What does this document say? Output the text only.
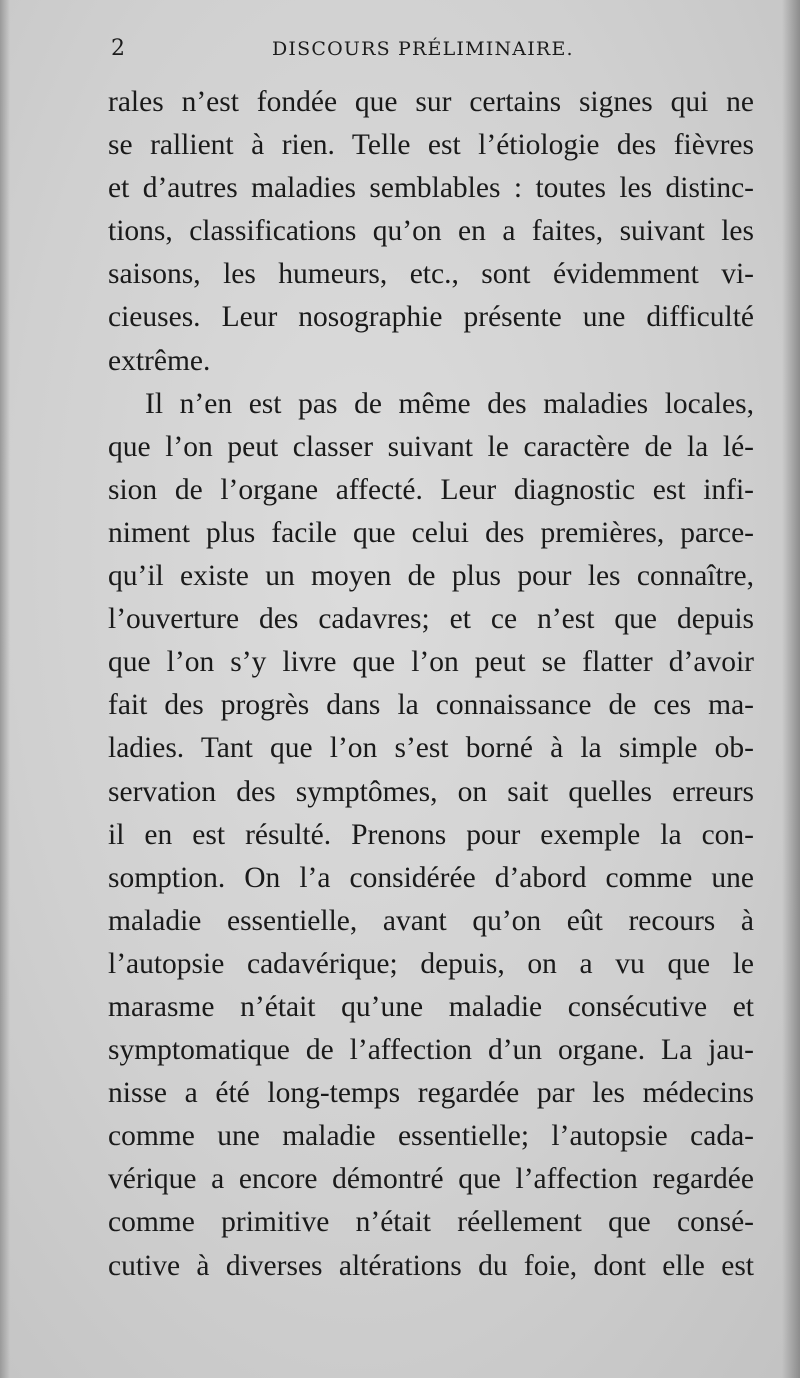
2	DISCOURS PRÉLIMINAIRE.
rales n’est fondée que sur certains signes qui ne
se rallient à rien. Telle est l’étiologie des fièvres
et d’autres maladies semblables : toutes les distinc-
tions, classifications qu’on en a faites, suivant les
saisons, les humeurs, etc., sont évidemment vi-
cieuses. Leur nosographie présente une difficulté
extrême.
Il n’en est pas de même des maladies locales,
que l’on peut classer suivant le caractère de la lé-
sion de l’organe affecté. Leur diagnostic est infi-
niment plus facile que celui des premières, parce-
qu’il existe un moyen de plus pour les connaître,
l’ouverture des cadavres; et ce n’est que depuis
que l’on s’y livre que l’on peut se flatter d’avoir
fait des progrès dans la connaissance de ces ma-
ladies. Tant que l’on s’est borné à la simple ob-
servation des symptômes, on sait quelles erreurs
il en est résulté. Prenons pour exemple la con-
somption. On l’a considérée d’abord comme une
maladie essentielle, avant qu’on eût recours à
l’autopsie cadavérique; depuis, on a vu que le
marasme n’était qu’une maladie consécutive et
symptomatique de l’affection d’un organe. La jau-
nisse a été long-temps regardée par les médecins
comme une maladie essentielle; l’autopsie cada-
vérique a encore démontré que l’affection regardée
comme primitive n’était réellement que consé-
cutive à diverses altérations du foie, dont elle est
